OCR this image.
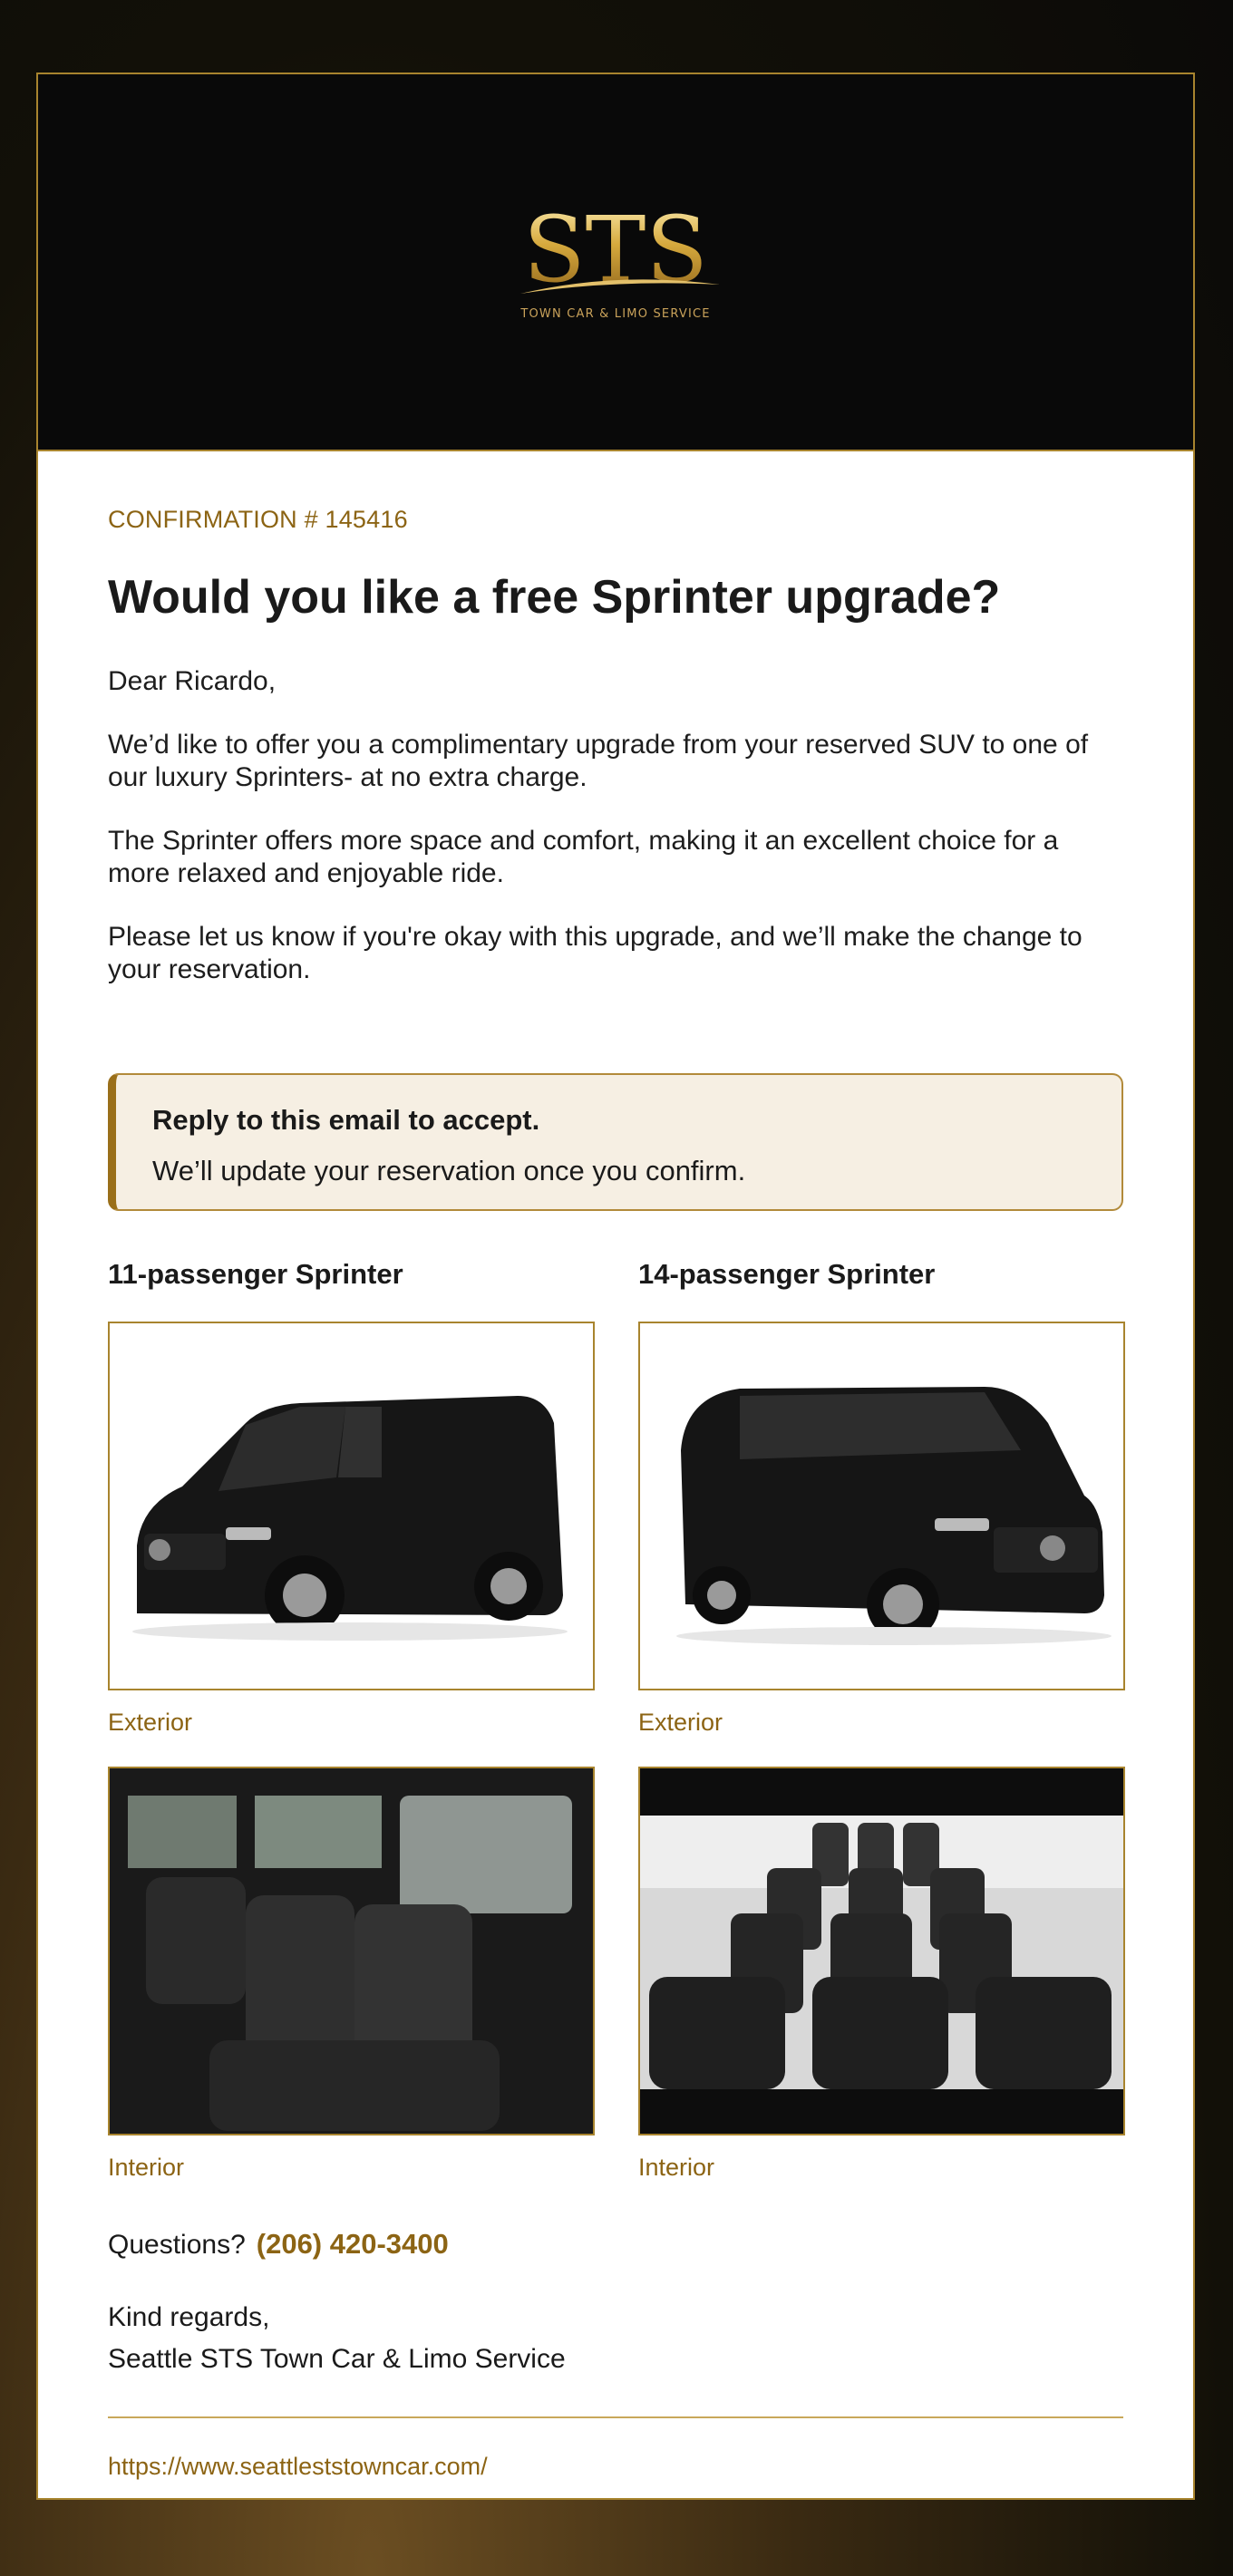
STS
TOWN CAR & LIMO SERVICE
CONFIRMATION # 145416
Would you like a free Sprinter upgrade?

Dear Ricardo,

We’d like to offer you a complimentary upgrade from your reserved SUV to one of our luxury Sprinters- at no extra charge.

The Sprinter offers more space and comfort, making it an excellent choice for a more relaxed and enjoyable ride.

Please let us know if you're okay with this upgrade, and we’ll make the change to your reservation.

Reply to this email to accept.
We’ll update your reservation once you confirm.
11-passenger Sprinter
Exterior
Interior
14-passenger Sprinter
Exterior
Interior
Questions? (206) 420-3400
Kind regards,
Seattle STS Town Car & Limo Service
https://www.seattleststowncar.com/
